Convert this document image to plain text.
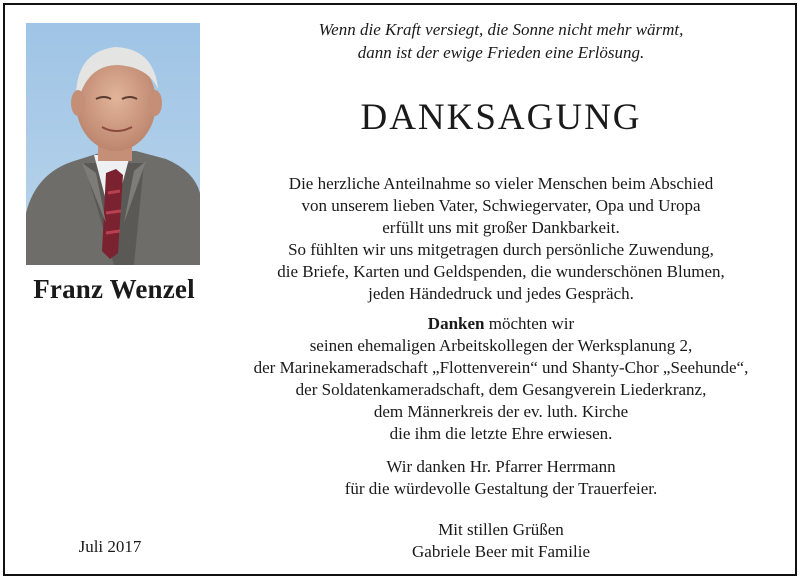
Franz Wenzel
Juli 2017
Wenn die Kraft versiegt, die Sonne nicht mehr wärmt,
dann ist der ewige Frieden eine Erlösung.
DANKSAGUNG
Die herzliche Anteilnahme so vieler Menschen beim Abschied
von unserem lieben Vater, Schwiegervater, Opa und Uropa
erfüllt uns mit großer Dankbarkeit.
So fühlten wir uns mitgetragen durch persönliche Zuwendung,
die Briefe, Karten und Geldspenden, die wunderschönen Blumen,
jeden Händedruck und jedes Gespräch.
Danken möchten wir
seinen ehemaligen Arbeitskollegen der Werksplanung 2,
der Marinekameradschaft „Flottenverein“ und Shanty-Chor „Seehunde“,
der Soldatenkameradschaft, dem Gesangverein Liederkranz,
dem Männerkreis der ev. luth. Kirche
die ihm die letzte Ehre erwiesen.
Wir danken Hr. Pfarrer Herrmann
für die würdevolle Gestaltung der Trauerfeier.
Mit stillen Grüßen
Gabriele Beer mit Familie
